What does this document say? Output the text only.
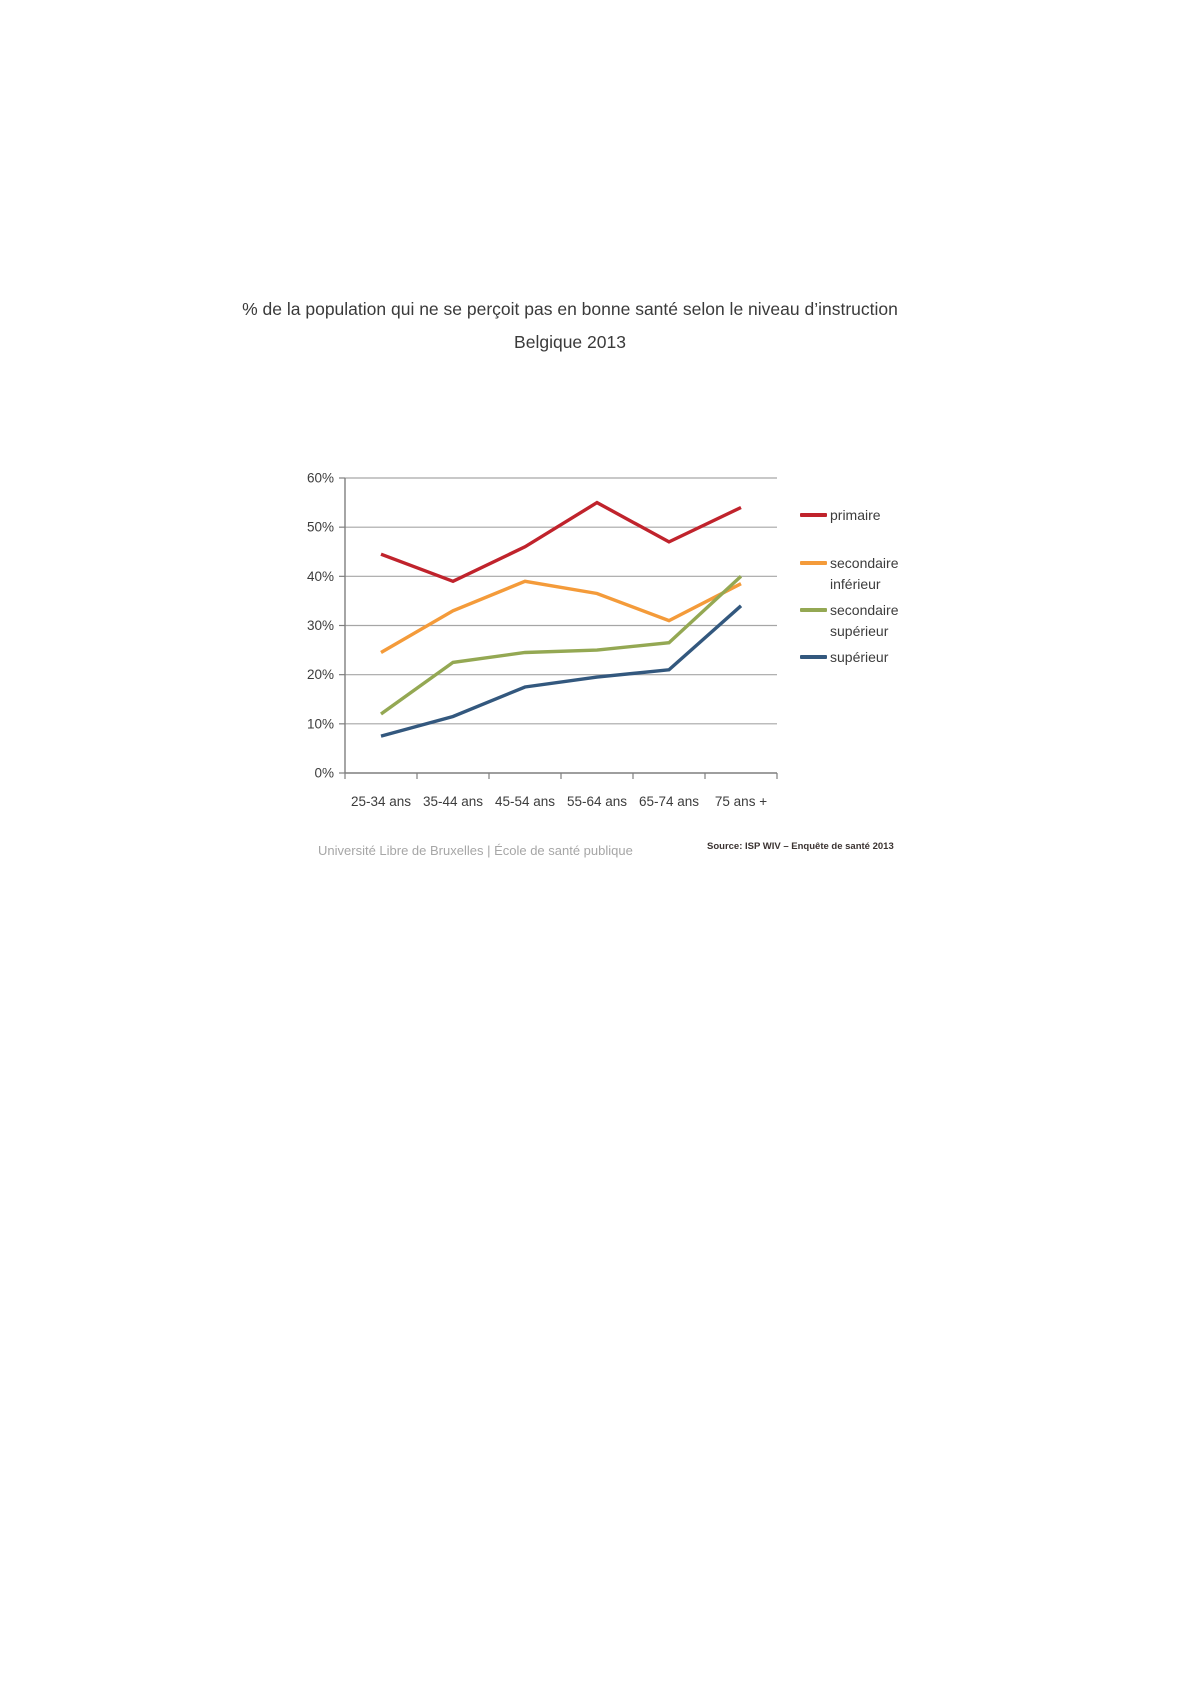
% de la population qui ne se perçoit pas en bonne santé selon le niveau d’instruction
Belgique 2013
0%
10%
20%
30%
40%
50%
60%
25-34 ans 35-44 ans 45-54 ans 55-64 ans 65-74 ans 75 ans +
primaire
secondaire inférieur
secondaire supérieur
supérieur
Université Libre de Bruxelles | École de santé publique	Source: ISP WIV – Enquête de santé 2013
